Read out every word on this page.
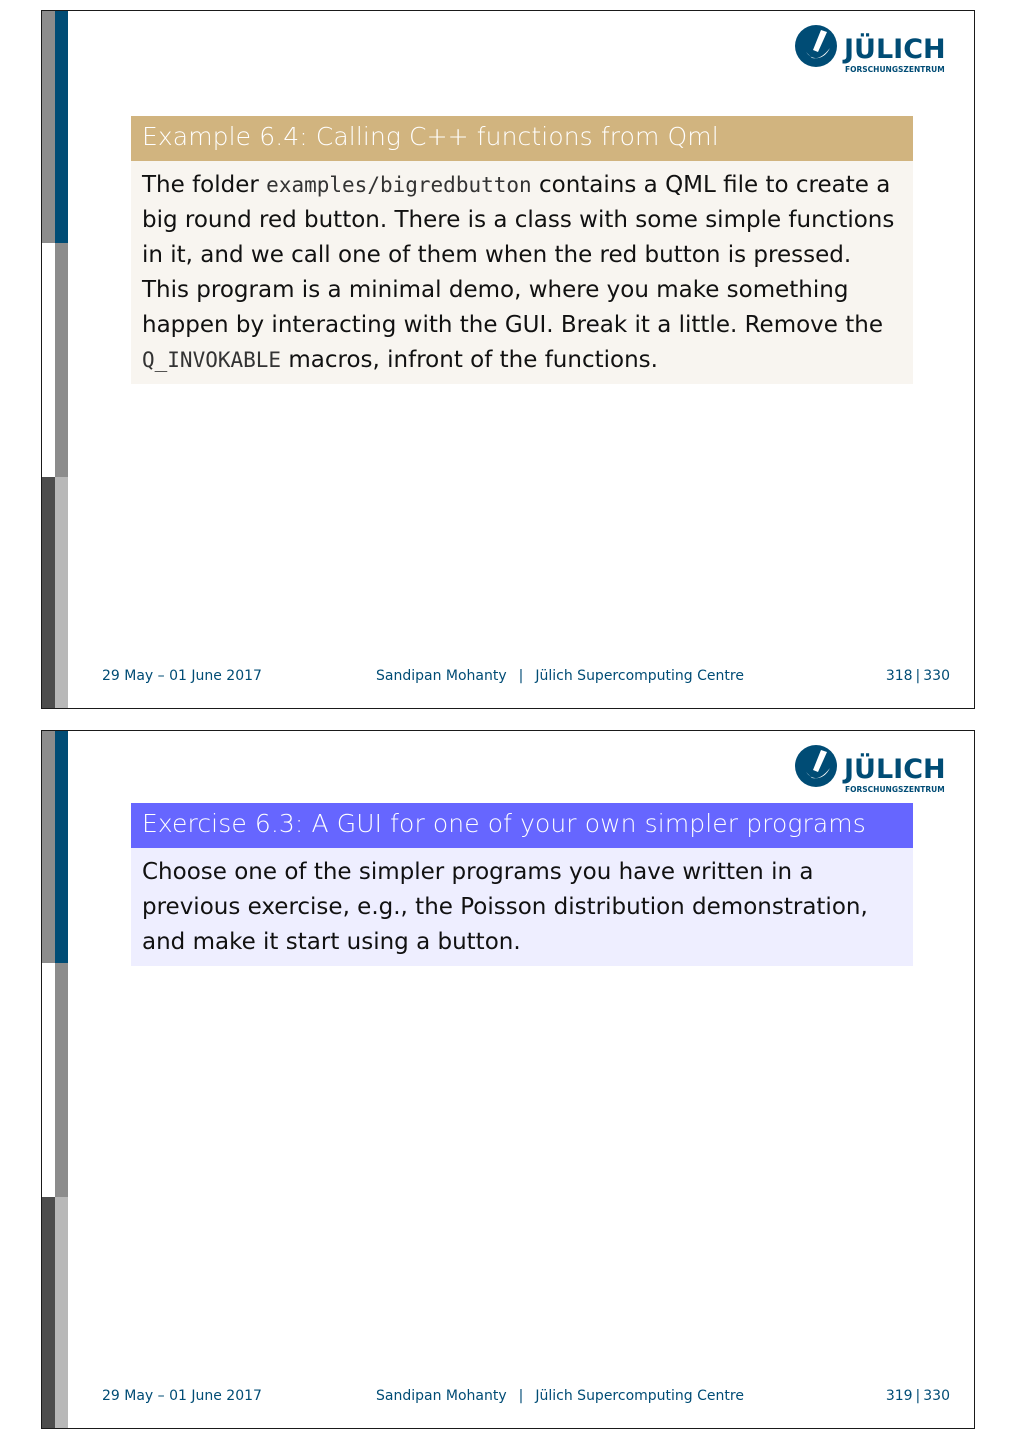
JÜLICH
FORSCHUNGSZENTRUM
Example 6.4: Calling C++ functions from Qml
The folder examples/bigredbutton contains a QML file to create a big round red button. There is a class with some simple functions in it, and we call one of them when the red button is pressed. This program is a minimal demo, where you make something happen by interacting with the GUI. Break it a little. Remove the Q_INVOKABLE macros, infront of the functions.
29 May – 01 June 2017	Sandipan Mohanty | Jülich Supercomputing Centre	318 | 330
JÜLICH
FORSCHUNGSZENTRUM
Exercise 6.3: A GUI for one of your own simpler programs
Choose one of the simpler programs you have written in a previous exercise, e.g., the Poisson distribution demonstration, and make it start using a button.
29 May – 01 June 2017	Sandipan Mohanty | Jülich Supercomputing Centre	319 | 330
